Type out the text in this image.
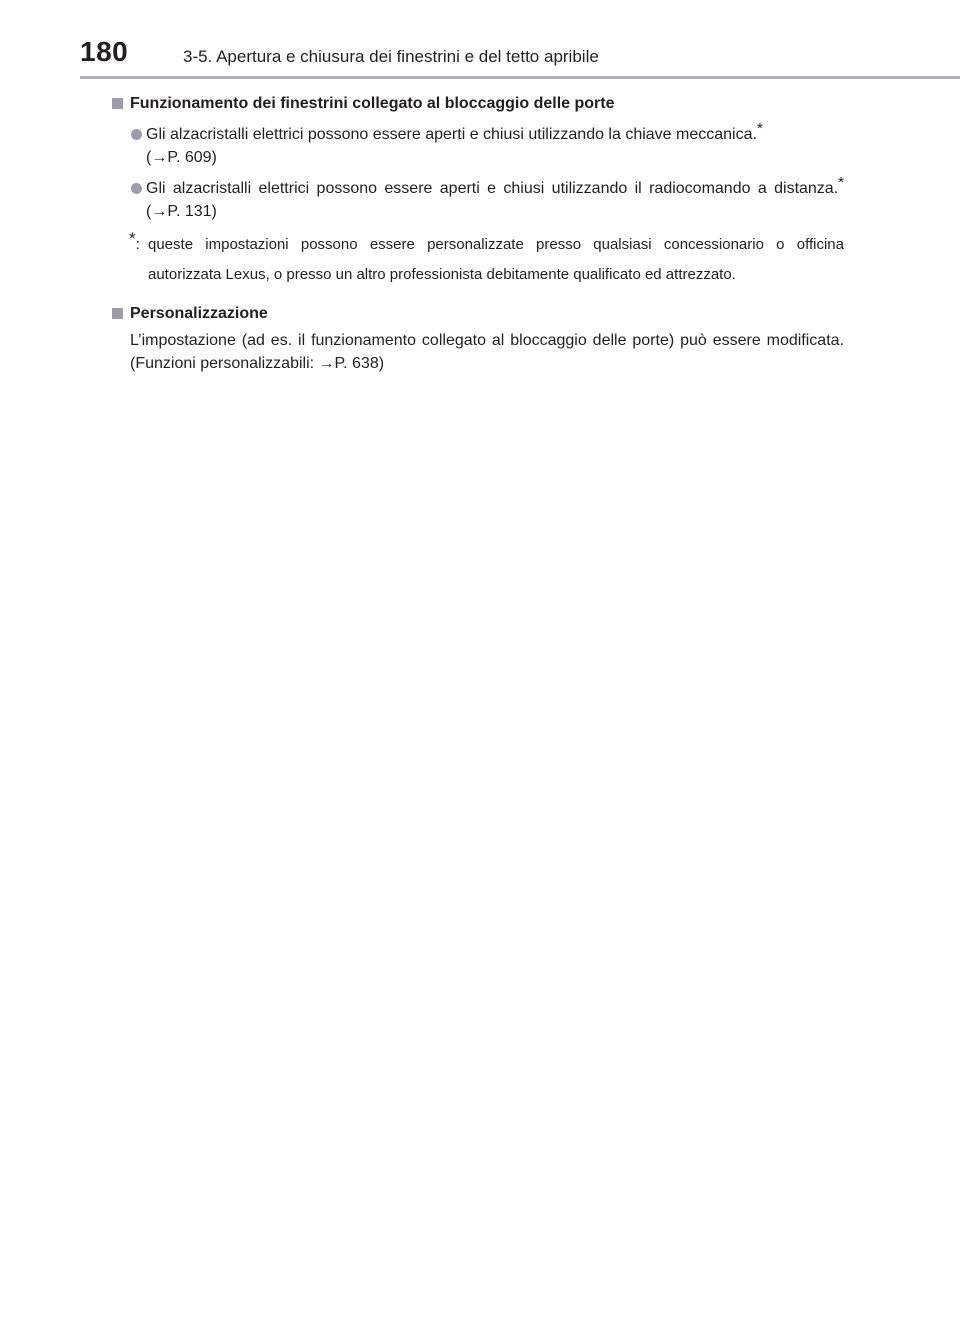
180	3-5. Apertura e chiusura dei finestrini e del tetto apribile
Funzionamento dei finestrini collegato al bloccaggio delle porte
Gli alzacristalli elettrici possono essere aperti e chiusi utilizzando la chiave meccanica.*
(→P. 609)
Gli alzacristalli elettrici possono essere aperti e chiusi utilizzando il radiocomando a distanza.* (→P. 131)
*: queste impostazioni possono essere personalizzate presso qualsiasi concessionario o officina autorizzata Lexus, o presso un altro professionista debitamente qualificato ed attrezzato.
Personalizzazione
L’impostazione (ad es. il funzionamento collegato al bloccaggio delle porte) può essere modificata. (Funzioni personalizzabili: →P. 638)
